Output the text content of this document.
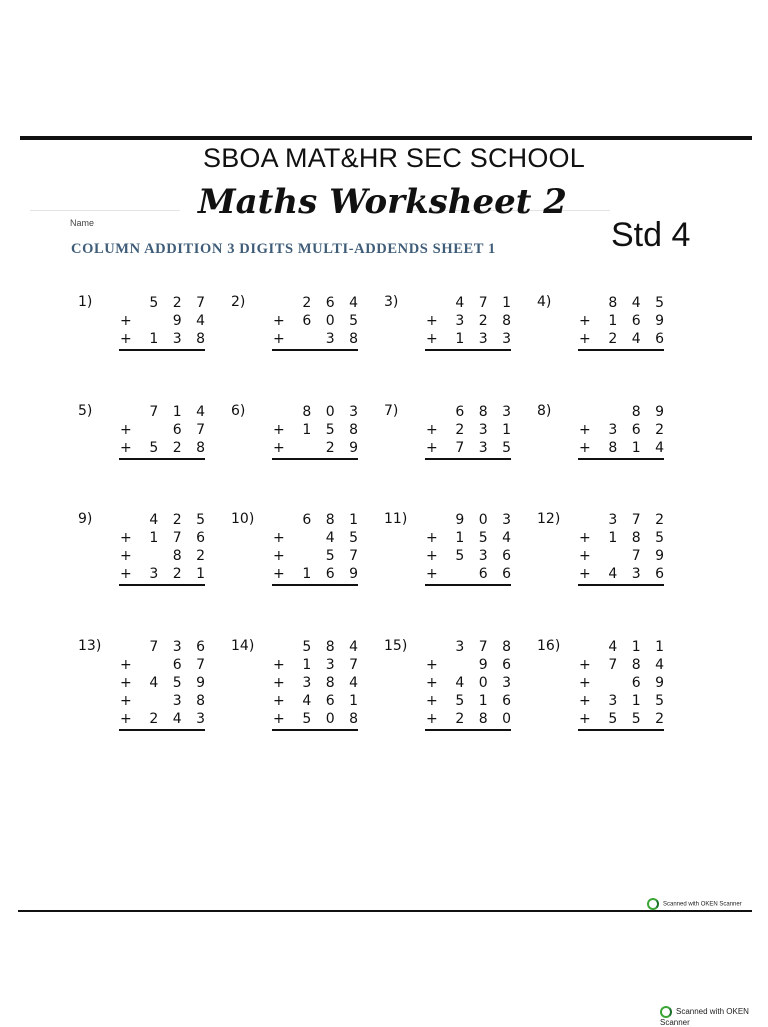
SBOA MAT&HR SEC SCHOOL
Name
Maths Worksheet 2
Std 4
COLUMN ADDITION 3 DIGITS MULTI-ADDENDS SHEET 1
1)	5 2 7
+	9 4
+ 1 3 8
2)	2 6 4
+ 6 0 5
+	3 8
3)	4 7 1
+ 3 2 8
+ 1 3 3
4)	8 4 5
+ 1 6 9
+ 2 4 6
5)	7 1 4
+	6 7
+ 5 2 8
6)	8 0 3
+ 1 5 8
+	2 9
7)	6 8 3
+ 2 3 1
+ 7 3 5
8)	8 9
+ 3 6 2
+ 8 1 4
9)	4 2 5
+ 1 7 6
+	8 2
+ 3 2 1
10)	6 8 1
+	4 5
+	5 7
+ 1 6 9
11)	9 0 3
+ 1 5 4
+ 5 3 6
+	6 6
12)	3 7 2
+ 1 8 5
+	7 9
+ 4 3 6
13)	7 3 6
+	6 7
+ 4 5 9
+	3 8
+ 2 4 3
14)	5 8 4
+ 1 3 7
+ 3 8 4
+ 4 6 1
+ 5 0 8
15)	3 7 8
+	9 6
+ 4 0 3
+ 5 1 6
+ 2 8 0
16)	4 1 1
+ 7 8 4
+	6 9
+ 3 1 5
+ 5 5 2
Scanned with OKEN Scanner
Scanned with OKEN Scanner
